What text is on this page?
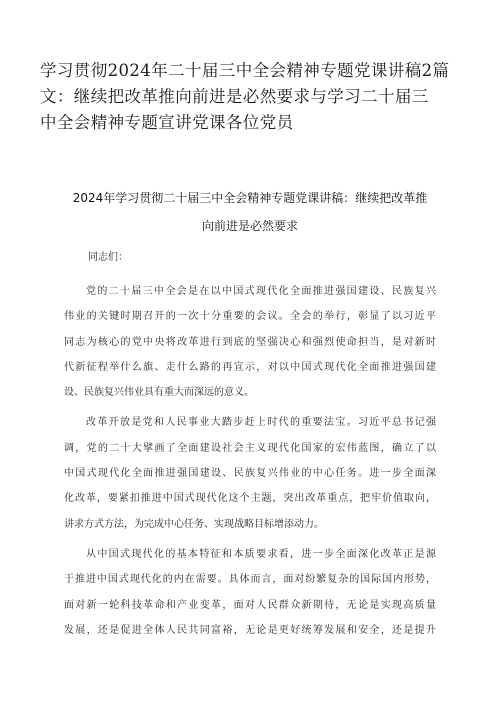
学习贯彻2024年二十届三中全会精神专题党课讲稿2篇
文：继续把改革推向前进是必然要求与学习二十届三
中全会精神专题宣讲党课各位党员
2024年学习贯彻二十届三中全会精神专题党课讲稿：继续把改革推
向前进是必然要求
同志们：
党的二十届三中全会是在以中国式现代化全面推进强国建设、民族复兴
伟业的关键时期召开的一次十分重要的会议。全会的举行，彰显了以习近平
同志为核心的党中央将改革进行到底的坚强决心和强烈使命担当，是对新时
代新征程举什么旗、走什么路的再宣示，对以中国式现代化全面推进强国建
设、民族复兴伟业具有重大而深远的意义。
改革开放是党和人民事业大踏步赶上时代的重要法宝。习近平总书记强
调，党的二十大擘画了全面建设社会主义现代化国家的宏伟蓝图，确立了以
中国式现代化全面推进强国建设、民族复兴伟业的中心任务。进一步全面深
化改革，要紧扣推进中国式现代化这个主题，突出改革重点，把牢价值取向，
讲求方式方法，为完成中心任务、实现战略目标增添动力。
从中国式现代化的基本特征和本质要求看，进一步全面深化改革正是源
于推进中国式现代化的内在需要。具体而言，面对纷繁复杂的国际国内形势，
面对新一轮科技革命和产业变革，面对人民群众新期待，无论是实现高质量
发展，还是促进全体人民共同富裕，无论是更好统筹发展和安全，还是提升
